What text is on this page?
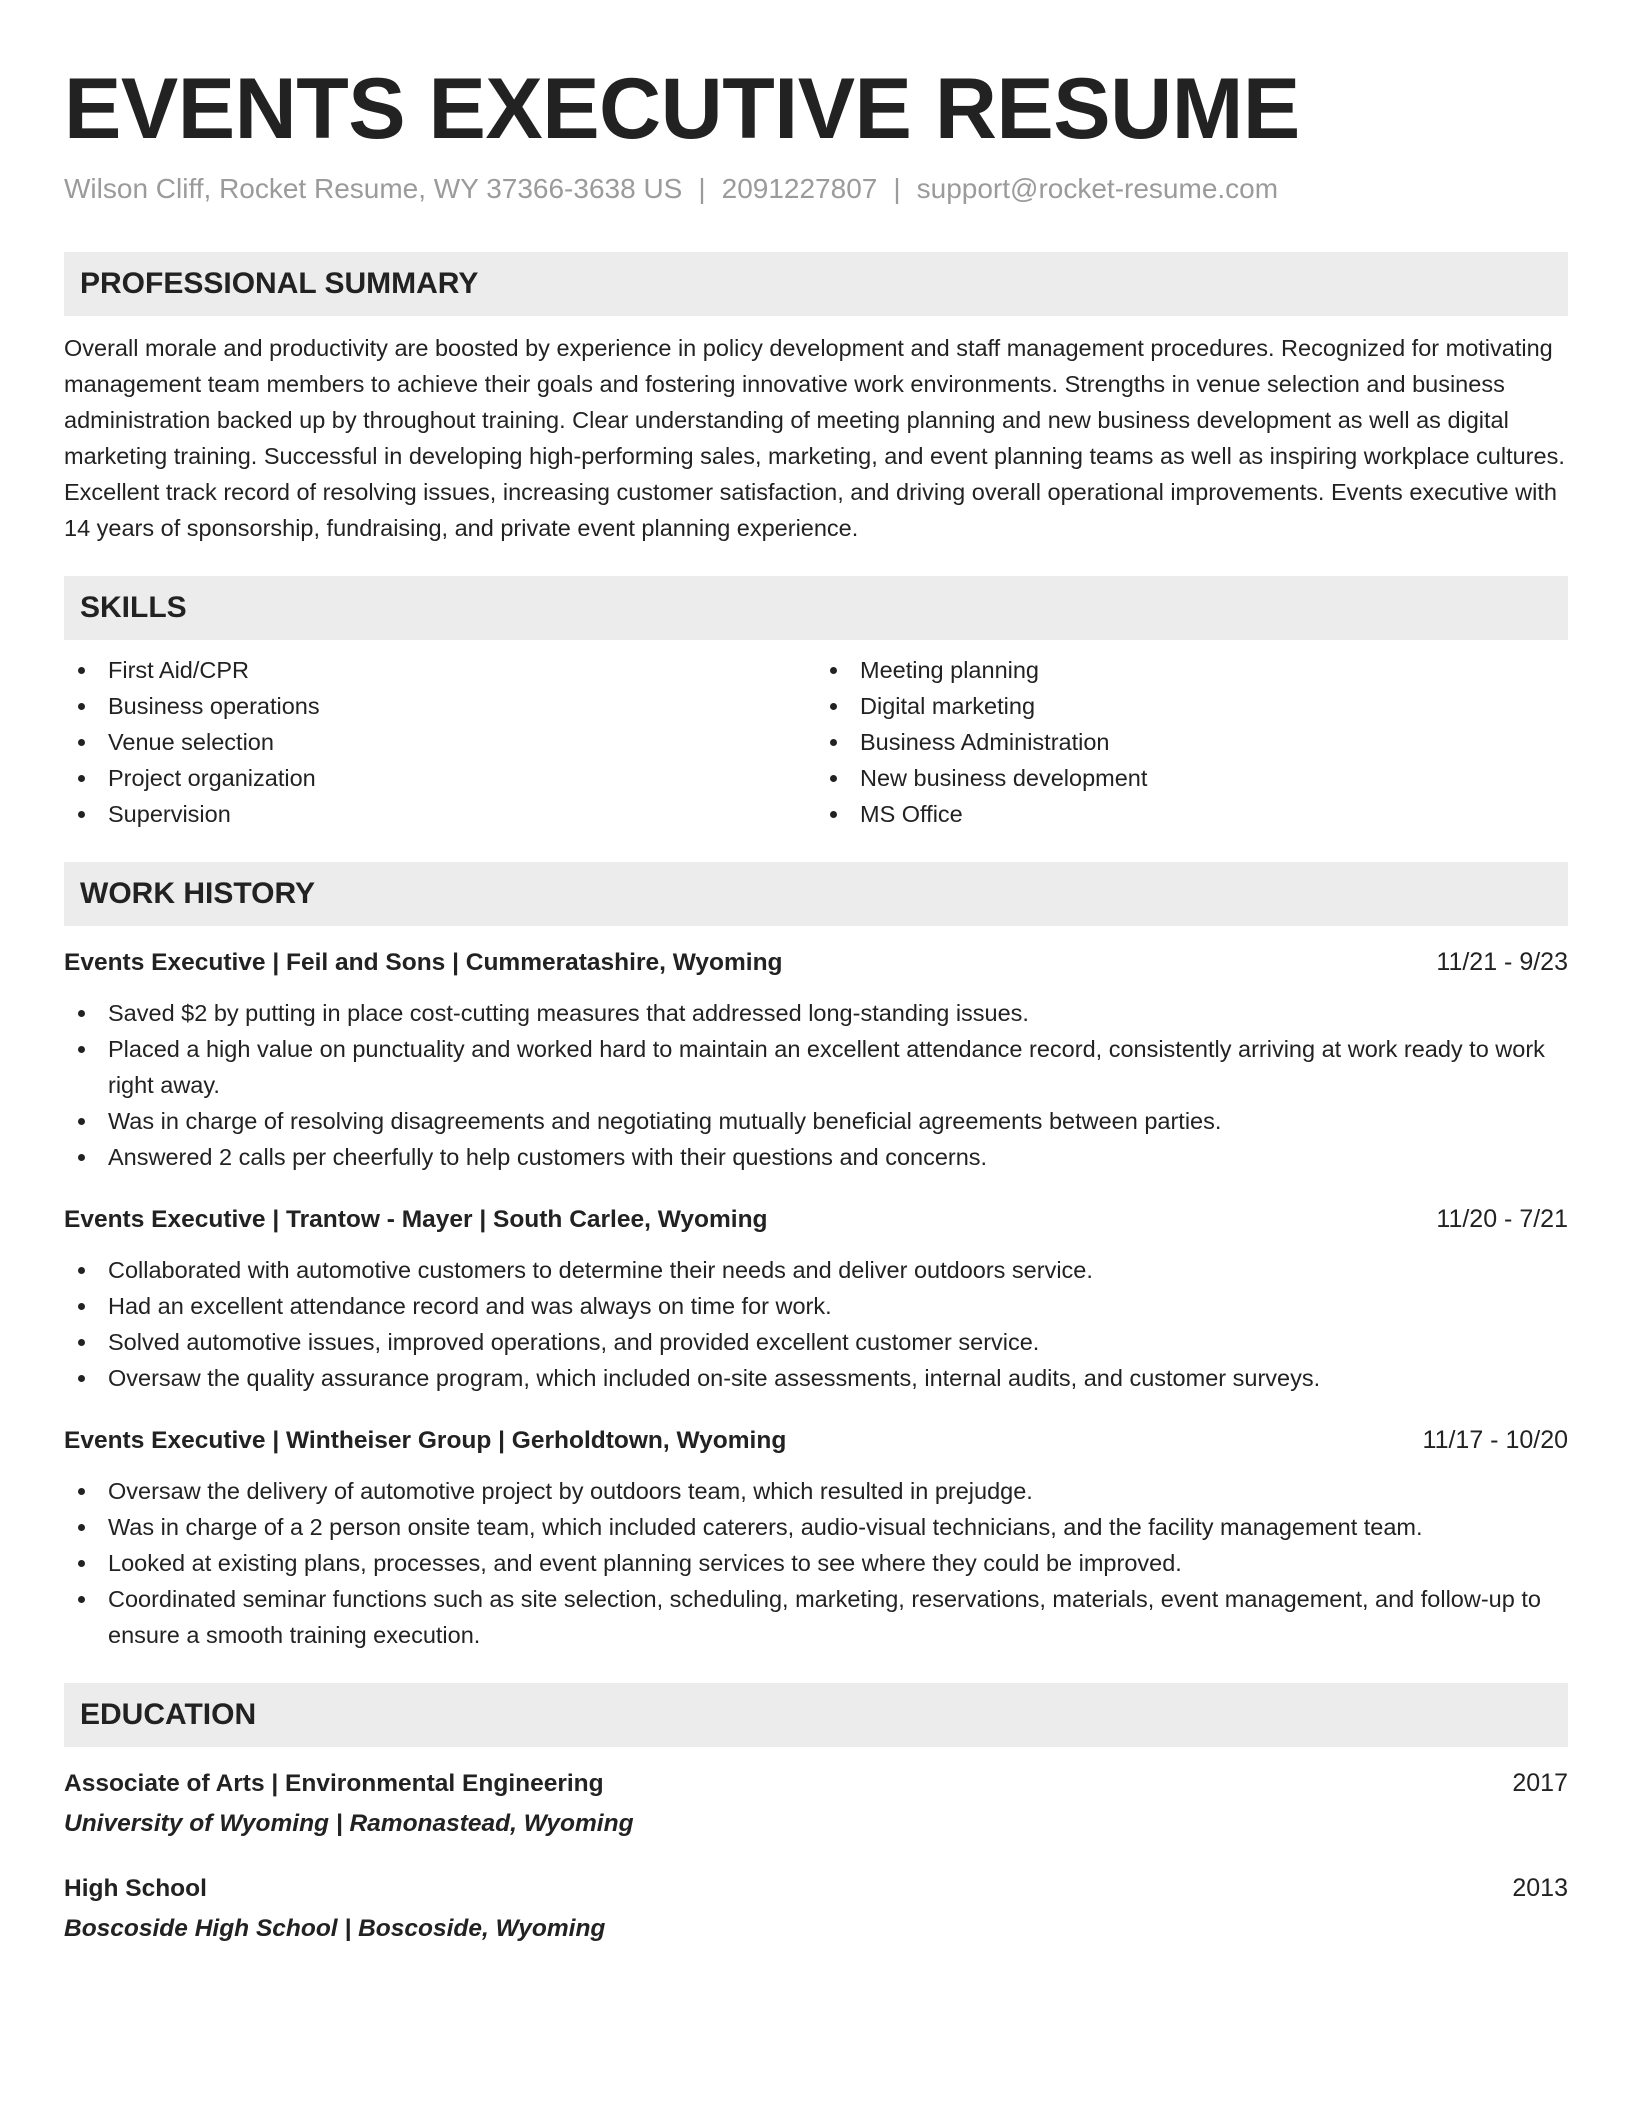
EVENTS EXECUTIVE RESUME
Wilson Cliff, Rocket Resume, WY 37366-3638 US | 2091227807 | support@rocket-resume.com
PROFESSIONAL SUMMARY

Overall morale and productivity are boosted by experience in policy development and staff management procedures. Recognized for motivating management team members to achieve their goals and fostering innovative work environments. Strengths in venue selection and business administration backed up by throughout training. Clear understanding of meeting planning and new business development as well as digital marketing training. Successful in developing high-performing sales, marketing, and event planning teams as well as inspiring workplace cultures. Excellent track record of resolving issues, increasing customer satisfaction, and driving overall operational improvements. Events executive with 14 years of sponsorship, fundraising, and private event planning experience.

SKILLS
First Aid/CPR
Business operations
Venue selection
Project organization
Supervision
Meeting planning
Digital marketing
Business Administration
New business development
MS Office
WORK HISTORY
Events Executive | Feil and Sons | Cummeratashire, Wyoming	11/21 - 9/23
Saved $2 by putting in place cost-cutting measures that addressed long-standing issues.
Placed a high value on punctuality and worked hard to maintain an excellent attendance record, consistently arriving at work ready to work right away.
Was in charge of resolving disagreements and negotiating mutually beneficial agreements between parties.
Answered 2 calls per cheerfully to help customers with their questions and concerns.
Events Executive | Trantow - Mayer | South Carlee, Wyoming	11/20 - 7/21
Collaborated with automotive customers to determine their needs and deliver outdoors service.
Had an excellent attendance record and was always on time for work.
Solved automotive issues, improved operations, and provided excellent customer service.
Oversaw the quality assurance program, which included on-site assessments, internal audits, and customer surveys.
Events Executive | Wintheiser Group | Gerholdtown, Wyoming	11/17 - 10/20
Oversaw the delivery of automotive project by outdoors team, which resulted in prejudge.
Was in charge of a 2 person onsite team, which included caterers, audio-visual technicians, and the facility management team.
Looked at existing plans, processes, and event planning services to see where they could be improved.
Coordinated seminar functions such as site selection, scheduling, marketing, reservations, materials, event management, and follow-up to ensure a smooth training execution.
EDUCATION
Associate of Arts | Environmental Engineering	2017
University of Wyoming | Ramonastead, Wyoming
High School	2013
Boscoside High School | Boscoside, Wyoming
